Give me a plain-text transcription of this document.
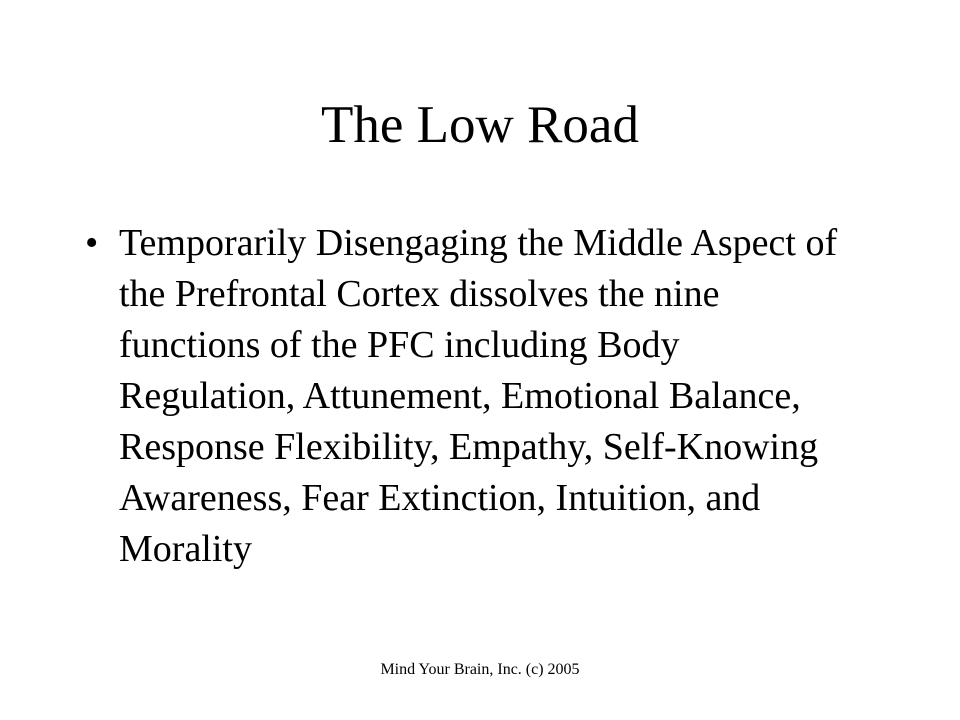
The Low Road
• Temporarily Disengaging the Middle Aspect of the Prefrontal Cortex dissolves the nine functions of the PFC including Body Regulation, Attunement, Emotional Balance, Response Flexibility, Empathy, Self-Knowing Awareness, Fear Extinction, Intuition, and Morality
Mind Your Brain, Inc. (c) 2005
